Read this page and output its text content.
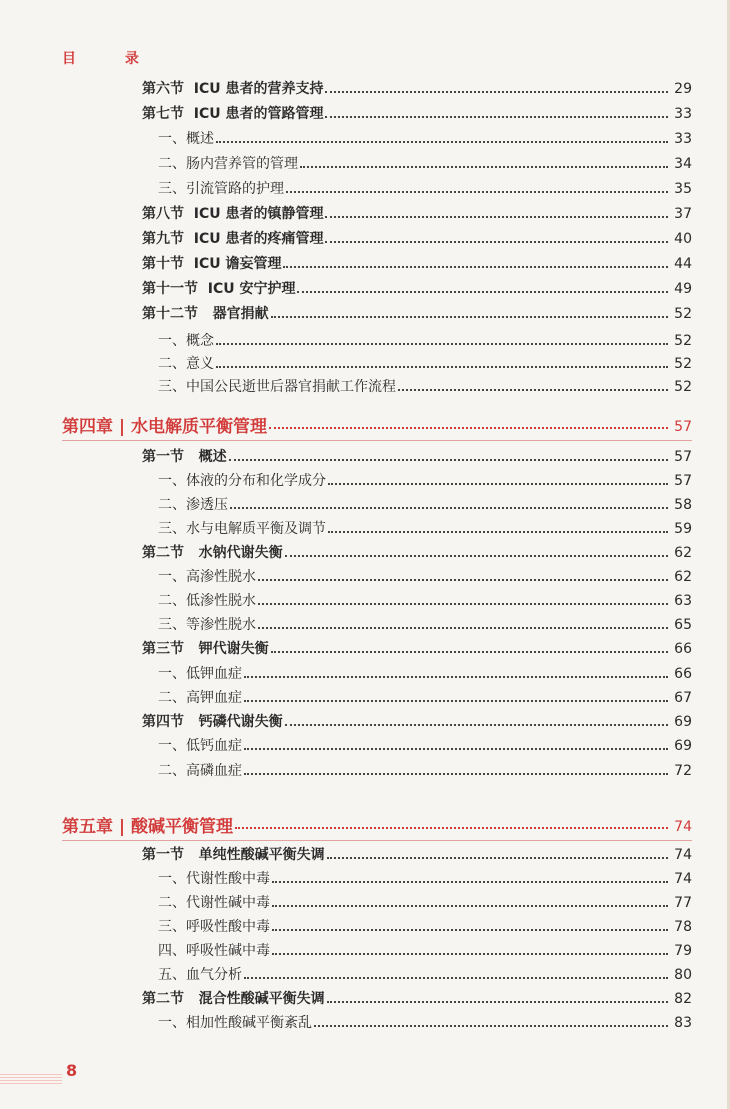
目 录
第六节  ICU 患者的营养支持	29
第七节  ICU 患者的管路管理	33
一、概述	33
二、肠内营养管的管理	34
三、引流管路的护理	35
第八节  ICU 患者的镇静管理	37
第九节  ICU 患者的疼痛管理	40
第十节  ICU 谵妄管理	44
第十一节  ICU 安宁护理	49
第十二节   器官捐献	52
一、概念	52
二、意义	52
三、中国公民逝世后器官捐献工作流程	52
第四章 | 水电解质平衡管理	57
第一节   概述	57
一、体液的分布和化学成分	57
二、渗透压	58
三、水与电解质平衡及调节	59
第二节   水钠代谢失衡	62
一、高渗性脱水	62
二、低渗性脱水	63
三、等渗性脱水	65
第三节   钾代谢失衡	66
一、低钾血症	66
二、高钾血症	67
第四节   钙磷代谢失衡	69
一、低钙血症	69
二、高磷血症	72
第五章 | 酸碱平衡管理	74
第一节   单纯性酸碱平衡失调	74
一、代谢性酸中毒	74
二、代谢性碱中毒	77
三、呼吸性酸中毒	78
四、呼吸性碱中毒	79
五、血气分析	80
第二节   混合性酸碱平衡失调	82
一、相加性酸碱平衡紊乱	83
8
